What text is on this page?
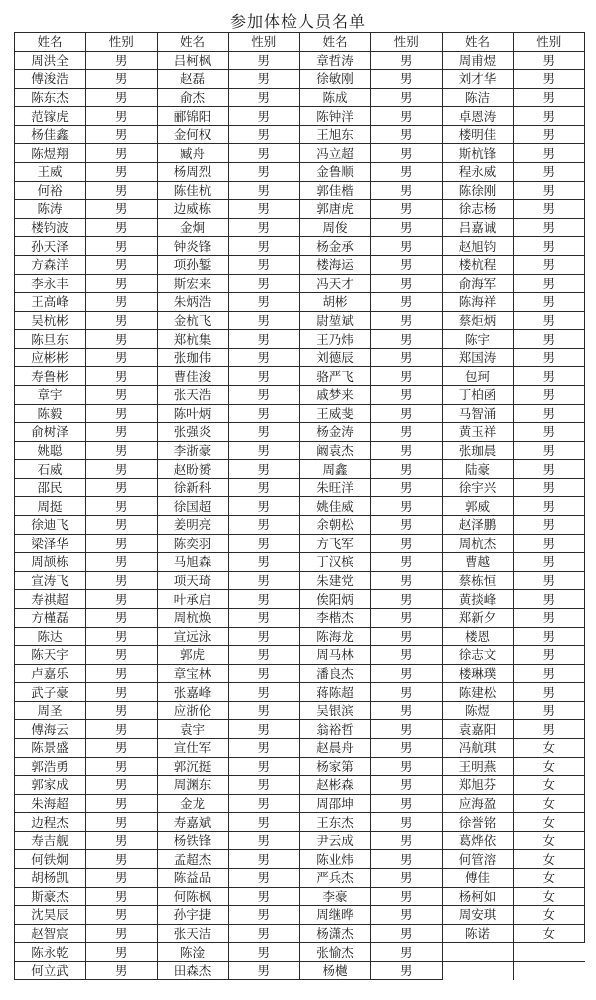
参加体检人员名单
姓名	性别	姓名	性别	姓名	性别	姓名	性别
周洪全	男	吕柯枫	男	章哲涛	男	周甫煜	男
傅浚浩	男	赵磊	男	徐敏刚	男	刘才华	男
陈东杰	男	俞杰	男	陈成	男	陈洁	男
范镓虎	男	郦锦阳	男	陈钟洋	男	卓恩涛	男
杨佳鑫	男	金何权	男	王旭东	男	楼明佳	男
陈煜翔	男	臧舟	男	冯立超	男	斯杭锋	男
王威	男	杨周烈	男	金鲁顺	男	程永威	男
何裕	男	陈佳杭	男	郭佳楷	男	陈徐刚	男
陈涛	男	边威栋	男	郭唐虎	男	徐志杨	男
楼钧波	男	金炯	男	周俊	男	吕嘉诚	男
孙天泽	男	钟炎锋	男	杨金承	男	赵旭钧	男
方森洋	男	项孙錾	男	楼海运	男	楼杭程	男
李永丰	男	斯宏来	男	冯天才	男	俞海军	男
王高峰	男	朱炳浩	男	胡彬	男	陈海祥	男
吴杭彬	男	金杭飞	男	尉堃斌	男	蔡炬炳	男
陈旦东	男	郑杭集	男	王乃炜	男	陈宇	男
应彬彬	男	张珈伟	男	刘德辰	男	郑国涛	男
寿鲁彬	男	曹佳浚	男	骆严飞	男	包珂	男
章宇	男	张天浩	男	戚梦来	男	丁柏函	男
陈毅	男	陈叶炳	男	王威斐	男	马智涌	男
俞树泽	男	张强炎	男	杨金涛	男	黄玉祥	男
姚聪	男	李浙豪	男	阚袁杰	男	张珈晨	男
石威	男	赵盼赟	男	周鑫	男	陆豪	男
邵民	男	徐新科	男	朱旺洋	男	徐宇兴	男
周挺	男	徐国超	男	姚佳威	男	郭威	男
徐迪飞	男	姜明亮	男	余朝松	男	赵泽鹏	男
梁泽华	男	陈奕羽	男	方飞军	男	周杭杰	男
周颉栋	男	马旭森	男	丁汉槟	男	曹越	男
宣涛飞	男	项天琦	男	朱建党	男	蔡栋恒	男
寿祺超	男	叶承启	男	俟阳炳	男	黄掞峰	男
方槿磊	男	周杭焕	男	李楷杰	男	郑新夕	男
陈达	男	宣远泳	男	陈海龙	男	楼恩	男
陈天宇	男	郭虎	男	周马林	男	徐志文	男
卢嘉乐	男	章宝林	男	潘良杰	男	楼琳璞	男
武子豪	男	张嘉峰	男	蒋陈超	男	陈建松	男
周圣	男	应浙伦	男	吴银滨	男	陈煜	男
傅海云	男	袁宇	男	翁裕哲	男	袁嘉阳	男
陈景盛	男	宣仕军	男	赵晨舟	男	冯航琪	女
郭浩勇	男	郭沉挺	男	杨家第	男	王明燕	女
郭家成	男	周渊东	男	赵彬森	男	郑旭芬	女
朱海超	男	金龙	男	周邵坤	男	应海盈	女
边程杰	男	寿嘉斌	男	王东杰	男	徐誉铭	女
寿吉舰	男	杨铁锋	男	尹云成	男	葛烨依	女
何铁炯	男	孟超杰	男	陈业炜	男	何管溶	女
胡杨凯	男	陈益品	男	严兵杰	男	傅佳	女
斯豪杰	男	何陈枫	男	李豪	男	杨柯如	女
沈昊辰	男	孙宇捷	男	周继晔	男	周安琪	女
赵智宸	男	张天洁	男	杨潇杰	男	陈诺	女
陈永乾	男	陈淦	男	张愉杰	男		
何立武	男	田森杰	男	杨樾	男		
